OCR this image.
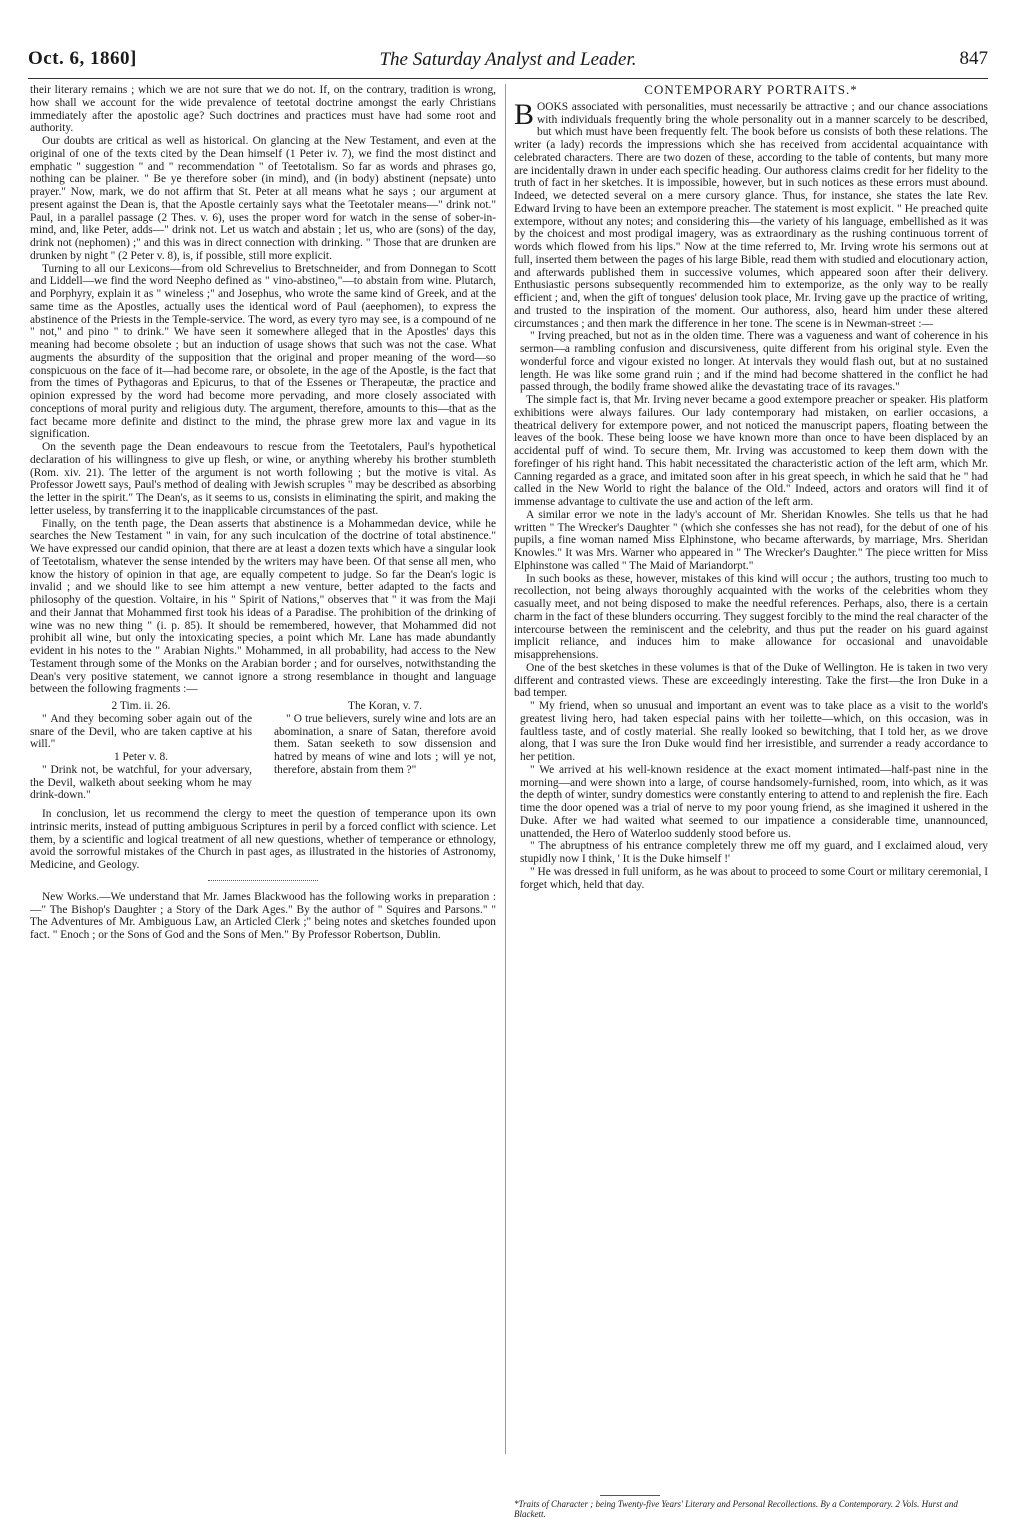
Oct. 6, 1860]	The Saturday Analyst and Leader.	847

their literary remains ; which we are not sure that we do not. If, on the contrary, tradition is wrong, how shall we account for the wide prevalence of teetotal doctrine amongst the early Christians immediately after the apostolic age? Such doctrines and practices must have had some root and authority.

Our doubts are critical as well as historical. On glancing at the New Testament, and even at the original of one of the texts cited by the Dean himself (1 Peter iv. 7), we find the most distinct and emphatic " suggestion " and " recommendation " of Teetotalism. So far as words and phrases go, nothing can be plainer. " Be ye therefore sober (in mind), and (in body) abstinent (nepsate) unto prayer." Now, mark, we do not affirm that St. Peter at all means what he says ; our argument at present against the Dean is, that the Apostle certainly says what the Teetotaler means—" drink not." Paul, in a parallel passage (2 Thes. v. 6), uses the proper word for watch in the sense of sober-in-mind, and, like Peter, adds—" drink not. Let us watch and abstain ; let us, who are (sons) of the day, drink not (nephomen) ;" and this was in direct connection with drinking. " Those that are drunken are drunken by night " (2 Peter v. 8), is, if possible, still more explicit.

Turning to all our Lexicons—from old Schrevelius to Bretschneider, and from Donnegan to Scott and Liddell—we find the word Neepho defined as " vino-abstineo,"—to abstain from wine. Plutarch, and Porphyry, explain it as " wineless ;" and Josephus, who wrote the same kind of Greek, and at the same time as the Apostles, actually uses the identical word of Paul (aeephomen), to express the abstinence of the Priests in the Temple-service. The word, as every tyro may see, is a compound of ne " not," and pino " to drink." We have seen it somewhere alleged that in the Apostles' days this meaning had become obsolete ; but an induction of usage shows that such was not the case. What augments the absurdity of the supposition that the original and proper meaning of the word—so conspicuous on the face of it—had become rare, or obsolete, in the age of the Apostle, is the fact that from the times of Pythagoras and Epicurus, to that of the Essenes or Therapeutæ, the practice and opinion expressed by the word had become more pervading, and more closely associated with conceptions of moral purity and religious duty. The argument, therefore, amounts to this—that as the fact became more definite and distinct to the mind, the phrase grew more lax and vague in its signification.

On the seventh page the Dean endeavours to rescue from the Teetotalers, Paul's hypothetical declaration of his willingness to give up flesh, or wine, or anything whereby his brother stumbleth (Rom. xiv. 21). The letter of the argument is not worth following ; but the motive is vital. As Professor Jowett says, Paul's method of dealing with Jewish scruples " may be described as absorbing the letter in the spirit." The Dean's, as it seems to us, consists in eliminating the spirit, and making the letter useless, by transferring it to the inapplicable circumstances of the past.

Finally, on the tenth page, the Dean asserts that abstinence is a Mohammedan device, while he searches the New Testament " in vain, for any such inculcation of the doctrine of total abstinence." We have expressed our candid opinion, that there are at least a dozen texts which have a singular look of Teetotalism, whatever the sense intended by the writers may have been. Of that sense all men, who know the history of opinion in that age, are equally competent to judge. So far the Dean's logic is invalid ; and we should like to see him attempt a new venture, better adapted to the facts and philosophy of the question. Voltaire, in his " Spirit of Nations," observes that " it was from the Maji and their Jannat that Mohammed first took his ideas of a Paradise. The prohibition of the drinking of wine was no new thing " (i. p. 85). It should be remembered, however, that Mohammed did not prohibit all wine, but only the intoxicating species, a point which Mr. Lane has made abundantly evident in his notes to the " Arabian Nights." Mohammed, in all probability, had access to the New Testament through some of the Monks on the Arabian border ; and for ourselves, notwithstanding the Dean's very positive statement, we cannot ignore a strong resemblance in thought and language between the following fragments :—

2 Tim. ii. 26.

" And they becoming sober again out of the snare of the Devil, who are taken captive at his will."

1 Peter v. 8.

" Drink not, be watchful, for your adversary, the Devil, walketh about seeking whom he may drink-down."

The Koran, v. 7.

" O true believers, surely wine and lots are an abomination, a snare of Satan, therefore avoid them. Satan seeketh to sow dissension and hatred by means of wine and lots ; will ye not, therefore, abstain from them ?"

In conclusion, let us recommend the clergy to meet the question of temperance upon its own intrinsic merits, instead of putting ambiguous Scriptures in peril by a forced conflict with science. Let them, by a scientific and logical treatment of all new questions, whether of temperance or ethnology, avoid the sorrowful mistakes of the Church in past ages, as illustrated in the histories of Astronomy, Medicine, and Geology.

New Works.—We understand that Mr. James Blackwood has the following works in preparation :—" The Bishop's Daughter ; a Story of the Dark Ages." By the author of " Squires and Parsons." " The Adventures of Mr. Ambiguous Law, an Articled Clerk ;" being notes and sketches founded upon fact. " Enoch ; or the Sons of God and the Sons of Men." By Professor Robertson, Dublin.

CONTEMPORARY PORTRAITS.*

BOOKS associated with personalities, must necessarily be attractive ; and our chance associations with individuals frequently bring the whole personality out in a manner scarcely to be described, but which must have been frequently felt. The book before us consists of both these relations. The writer (a lady) records the impressions which she has received from accidental acquaintance with celebrated characters. There are two dozen of these, according to the table of contents, but many more are incidentally drawn in under each specific heading. Our authoress claims credit for her fidelity to the truth of fact in her sketches. It is impossible, however, but in such notices as these errors must abound. Indeed, we detected several on a mere cursory glance. Thus, for instance, she states the late Rev. Edward Irving to have been an extempore preacher. The statement is most explicit. " He preached quite extempore, without any notes; and considering this—the variety of his language, embellished as it was by the choicest and most prodigal imagery, was as extraordinary as the rushing continuous torrent of words which flowed from his lips." Now at the time referred to, Mr. Irving wrote his sermons out at full, inserted them between the pages of his large Bible, read them with studied and elocutionary action, and afterwards published them in successive volumes, which appeared soon after their delivery. Enthusiastic persons subsequently recommended him to extemporize, as the only way to be really efficient ; and, when the gift of tongues' delusion took place, Mr. Irving gave up the practice of writing, and trusted to the inspiration of the moment. Our authoress, also, heard him under these altered circumstances ; and then mark the difference in her tone. The scene is in Newman-street :—

" Irving preached, but not as in the olden time. There was a vagueness and want of coherence in his sermon—a rambling confusion and discursiveness, quite different from his original style. Even the wonderful force and vigour existed no longer. At intervals they would flash out, but at no sustained length. He was like some grand ruin ; and if the mind had become shattered in the conflict he had passed through, the bodily frame showed alike the devastating trace of its ravages."

The simple fact is, that Mr. Irving never became a good extempore preacher or speaker. His platform exhibitions were always failures. Our lady contemporary had mistaken, on earlier occasions, a theatrical delivery for extempore power, and not noticed the manuscript papers, floating between the leaves of the book. These being loose we have known more than once to have been displaced by an accidental puff of wind. To secure them, Mr. Irving was accustomed to keep them down with the forefinger of his right hand. This habit necessitated the characteristic action of the left arm, which Mr. Canning regarded as a grace, and imitated soon after in his great speech, in which he said that he " had called in the New World to right the balance of the Old." Indeed, actors and orators will find it of immense advantage to cultivate the use and action of the left arm.

A similar error we note in the lady's account of Mr. Sheridan Knowles. She tells us that he had written " The Wrecker's Daughter " (which she confesses she has not read), for the debut of one of his pupils, a fine woman named Miss Elphinstone, who became afterwards, by marriage, Mrs. Sheridan Knowles." It was Mrs. Warner who appeared in " The Wrecker's Daughter." The piece written for Miss Elphinstone was called " The Maid of Mariandorpt."

In such books as these, however, mistakes of this kind will occur ; the authors, trusting too much to recollection, not being always thoroughly acquainted with the works of the celebrities whom they casually meet, and not being disposed to make the needful references. Perhaps, also, there is a certain charm in the fact of these blunders occurring. They suggest forcibly to the mind the real character of the intercourse between the reminiscent and the celebrity, and thus put the reader on his guard against implicit reliance, and induces him to make allowance for occasional and unavoidable misapprehensions.

One of the best sketches in these volumes is that of the Duke of Wellington. He is taken in two very different and contrasted views. These are exceedingly interesting. Take the first—the Iron Duke in a bad temper.

" My friend, when so unusual and important an event was to take place as a visit to the world's greatest living hero, had taken especial pains with her toilette—which, on this occasion, was in faultless taste, and of costly material. She really looked so bewitching, that I told her, as we drove along, that I was sure the Iron Duke would find her irresistible, and surrender a ready accordance to her petition.

" We arrived at his well-known residence at the exact moment intimated—half-past nine in the morning—and were shown into a large, of course handsomely-furnished, room, into which, as it was the depth of winter, sundry domestics were constantly entering to attend to and replenish the fire. Each time the door opened was a trial of nerve to my poor young friend, as she imagined it ushered in the Duke. After we had waited what seemed to our impatience a considerable time, unannounced, unattended, the Hero of Waterloo suddenly stood before us.

" The abruptness of his entrance completely threw me off my guard, and I exclaimed aloud, very stupidly now I think, ' It is the Duke himself !'

" He was dressed in full uniform, as he was about to proceed to some Court or military ceremonial, I forget which, held that day.

*Traits of Character ; being Twenty-five Years' Literary and Personal Recollections. By a Contemporary. 2 Vols. Hurst and Blackett.
